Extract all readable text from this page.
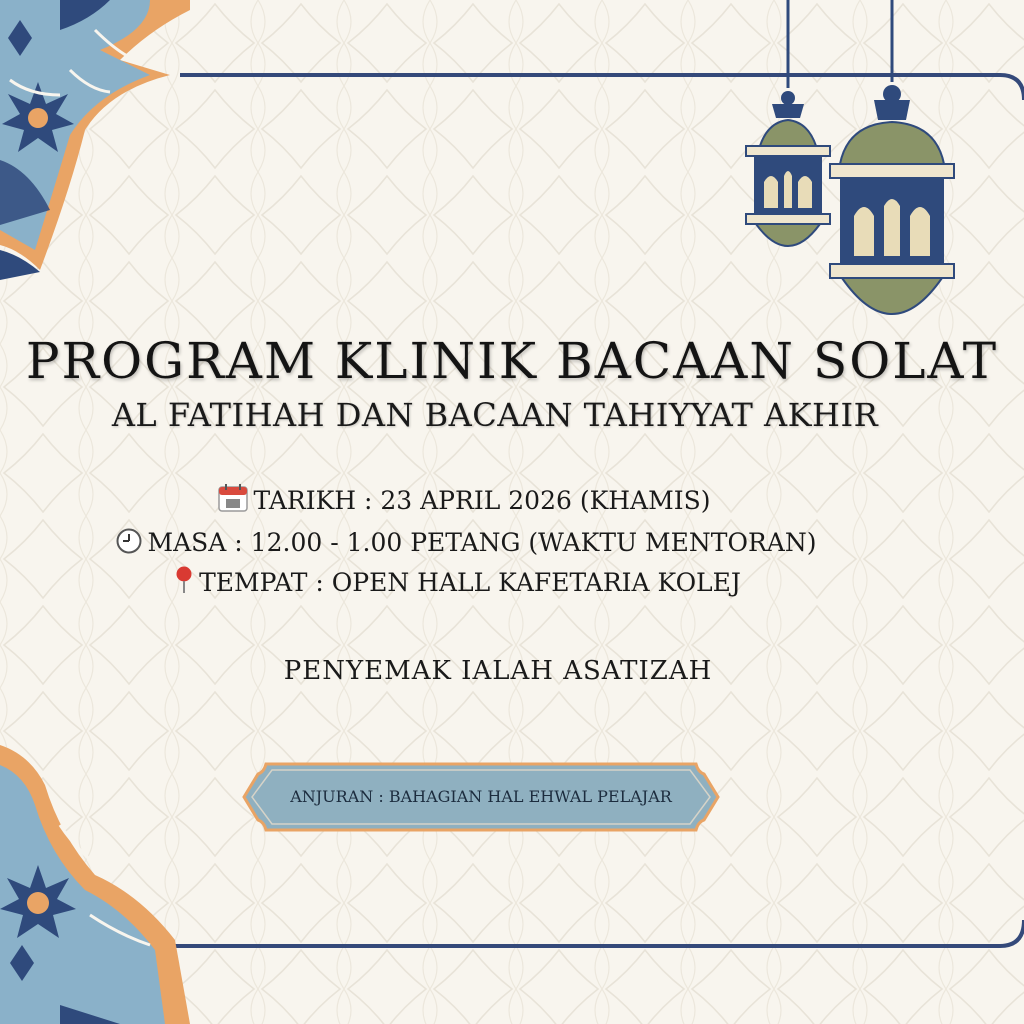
PROGRAM KLINIK BACAAN SOLAT
AL FATIHAH DAN BACAAN TAHIYYAT AKHIR
TARIKH : 23 APRIL 2026 (KHAMIS)
MASA : 12.00 - 1.00 PETANG (WAKTU MENTORAN)
TEMPAT : OPEN HALL KAFETARIA KOLEJ

PENYEMAK IALAH ASATIZAH

ANJURAN : BAHAGIAN HAL EHWAL PELAJAR
